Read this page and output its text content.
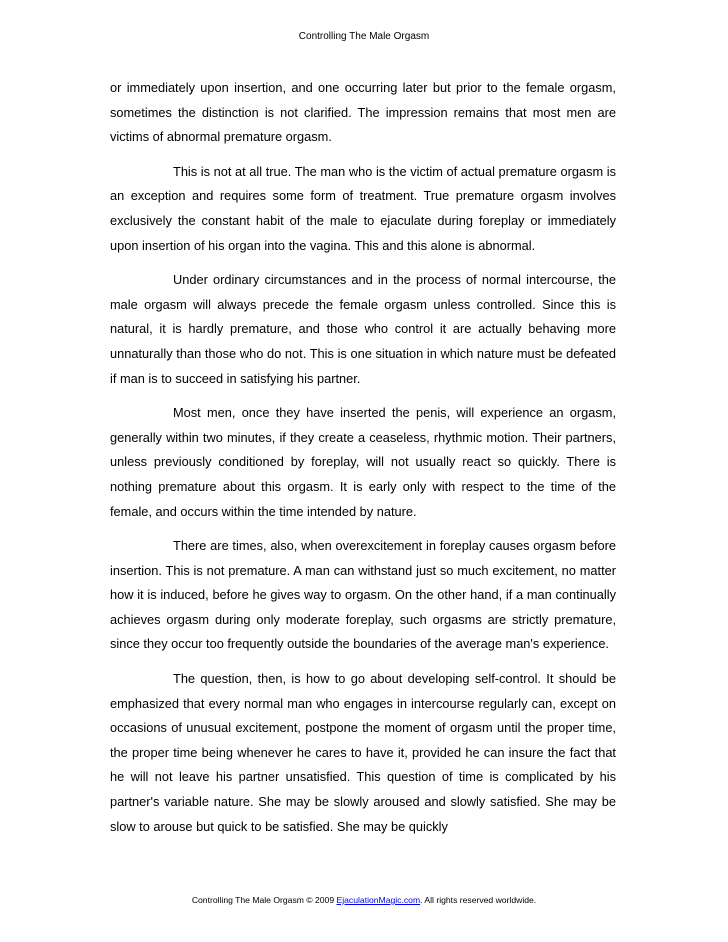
Controlling The Male Orgasm

or immediately upon insertion, and one occurring later but prior to the female orgasm, sometimes the distinction is not clarified. The impression remains that most men are victims of abnormal premature orgasm.

This is not at all true. The man who is the victim of actual premature orgasm is an exception and requires some form of treatment. True premature orgasm involves exclusively the constant habit of the male to ejaculate during foreplay or immediately upon insertion of his organ into the vagina. This and this alone is abnormal.

Under ordinary circumstances and in the process of normal intercourse, the male orgasm will always precede the female orgasm unless controlled. Since this is natural, it is hardly premature, and those who control it are actually behaving more unnaturally than those who do not. This is one situation in which nature must be defeated if man is to succeed in satisfying his partner.

Most men, once they have inserted the penis, will experience an orgasm, generally within two minutes, if they create a ceaseless, rhythmic motion. Their partners, unless previously conditioned by foreplay, will not usually react so quickly. There is nothing premature about this orgasm. It is early only with respect to the time of the female, and occurs within the time intended by nature.

There are times, also, when overexcitement in foreplay causes orgasm before insertion. This is not premature. A man can withstand just so much excitement, no matter how it is induced, before he gives way to orgasm. On the other hand, if a man continually achieves orgasm during only moderate foreplay, such orgasms are strictly premature, since they occur too frequently outside the boundaries of the average man's experience.

The question, then, is how to go about developing self-control. It should be emphasized that every normal man who engages in intercourse regularly can, except on occasions of unusual excitement, postpone the moment of orgasm until the proper time, the proper time being whenever he cares to have it, provided he can insure the fact that he will not leave his partner unsatisfied. This question of time is complicated by his partner's variable nature. She may be slowly aroused and slowly satisfied. She may be slow to arouse but quick to be satisfied. She may be quickly

Controlling The Male Orgasm © 2009 EjaculationMagic.com. All rights reserved worldwide.
